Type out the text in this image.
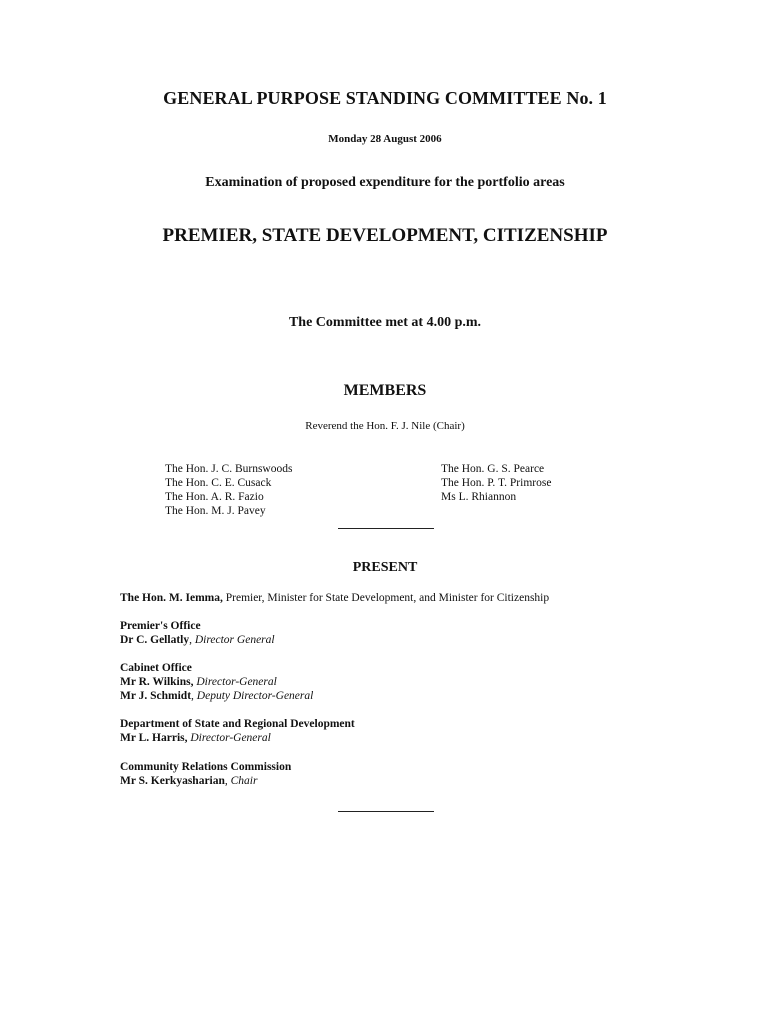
GENERAL PURPOSE STANDING COMMITTEE No. 1
Monday 28 August 2006
Examination of proposed expenditure for the portfolio areas
PREMIER, STATE DEVELOPMENT, CITIZENSHIP
The Committee met at 4.00 p.m.
MEMBERS
Reverend the Hon. F. J. Nile (Chair)
The Hon. J. C. Burnswoods
The Hon. C. E. Cusack
The Hon. A. R. Fazio
The Hon. M. J. Pavey
The Hon. G. S. Pearce
The Hon. P. T. Primrose
Ms L. Rhiannon
PRESENT
The Hon. M. Iemma, Premier, Minister for State Development, and Minister for Citizenship
Premier's Office
Dr C. Gellatly, Director General
Cabinet Office
Mr R. Wilkins, Director-General
Mr J. Schmidt, Deputy Director-General
Department of State and Regional Development
Mr L. Harris, Director-General
Community Relations Commission
Mr S. Kerkyasharian, Chair
